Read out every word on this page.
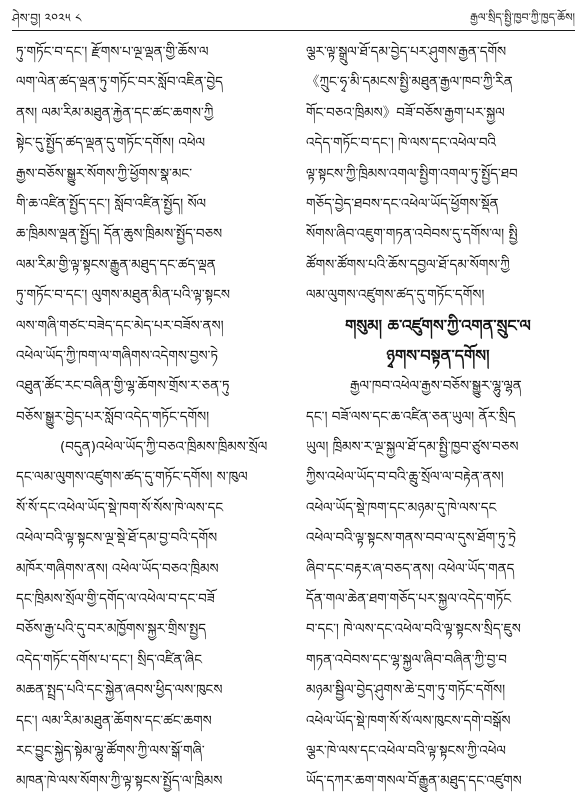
ཤེས་བྱ། ༢༠༢༥ ༨	རྒྱལ་སྲིད་སྤྱི་ཁྱབ་ཀྱི་ཁྱད་ཆོས།
ཏུ་གཏོང་བ་དང་། རྫོགས་པ་ལྔ་ལྡན་གྱི་ཆོས་ལ
ལག་ལེན་ཚད་ལྡན་ཏུ་གཏོང་བར་སློབ་འཇིན་བྱེད
ནས། ལམ་རིམ་མཐུན་རྐྱེན་དང་ཚང་ཆགས་ཀྱི
སྟེང་དུ་སྤྱོད་ཚད་ལྡན་དུ་གཏོང་དགོས། འཕེལ
རྒྱས་བཅོས་སྒྱུར་སོགས་ཀྱི་ཕྱོགས་སྣ་མང་
གི་ཆ་འཛིན་སྤྱོད་དང་། སློབ་འཛིན་སྤྱོད། སོལ
ཆ་ཁྲིམས་ལྡན་སྤྱོད། དོན་ཆུས་ཁྲིམས་སྤྱོད་བཅས
ལམ་རིམ་གྱི་ལྟ་སྟངས་རྒྱུན་མཐུད་དང་ཚད་ལྡན
ཏུ་གཏོང་བ་དང་། ལུགས་མཐུན་མིན་པའི་ལྟ་སྟངས
ལས་གཞི་གཙང་བཟེད་དང་མེད་པར་བཟོས་ནས།
འཕེལ་ཡོད་ཀྱི་ཁག་ལ་གཞིགས་འདེགས་བྱས་ཏེ
འཐུན་ཚོང་རང་བཞིན་གྱི་ལྷ་ཆོགས་གྲོས་ར་ཅན་ཏུ
བཅོས་སྒྱུར་བྱེད་པར་སློབ་འདེད་གཏོང་དགོས།
(བདུན)འཕེལ་ཡོད་ཀྱི་བཅའ་ཁྲིམས་ཁྲིམས་སྲོལ
དང་ལམ་ལུགས་འཛུགས་ཚད་དུ་གཏོང་དགོས། ས་ཁུལ
སོ་སོ་དང་འཕེལ་ཡོད་སྡེ་ཁག་སོ་སོས་ཁེ་ལས་དང
འཕེལ་བའི་ལྟ་སྟངས་ལྔ་སྡེ་ཐོ་དམ་བྱ་བའི་དགོས
མཁོར་གཞིགས་ནས། འཕེལ་ཡོད་བཅའ་ཁྲིམས
དང་ཁྲིམས་སྲོལ་གྱི་དགོད་ལ་འཕེལ་བ་དང་བཟོ
བཅོས་རྒྱ་པའི་དུ་བར་མཁྱོགས་སྐྱར་གྲིས་སྤྱད
འདེད་གཏོང་དགོས་པ་དང་། སྲིད་འཛིན་ཞིང
མཆན་སྤྲད་པའི་དང་སྐྱེན་ཞབས་ཕྱིད་ལས་ཁུངས
དང་། ལམ་རིམ་མཐུན་ཆོགས་དང་ཚང་ཆགས
རང་བྱུང་སྐྱེད་སྟེམ་ལྷུ་ཚོགས་ཀྱི་ལས་སྒོ་གཞི་
མཁན་ཁེ་ལས་སོགས་ཀྱི་ལྟ་སྟངས་སྤྱོད་ལ་ཁྲིམས
ལྕར་ལྟ་སྒྲུལ་ཐོ་དམ་བྱེད་པར་ཤུགས་རྒྱན་དགོས
《ཀྲུང་ཧྭ་མི་དམངས་སྤྱི་མཐུན་རྒྱལ་ཁབ་ཀྱི་རིན
གོང་བཅའ་ཁྲིམས》བཟོ་བཅོས་རྒྱག་པར་སྐྱལ
འདེད་གཏོང་བ་དང་། ཁེ་ལས་དང་འཕེལ་བའི
ལྟ་སྟངས་ཀྱི་ཁྲིམས་འགལ་སྤྱིག་འགལ་ཏུ་སྤྱོད་ཐབ
གཅོད་བྱེད་ཐབས་དང་འཕེལ་ཡོད་ཕྱོགས་སྡོན
སོགས་ཞིབ་འཇུག་གཏན་འབེབས་དུ་དགོས་ལ། སྤྱི
ཚོགས་ཚོགས་པའི་ཆོས་དབྱལ་ཐོ་དམ་སོགས་ཀྱི
ལམ་ལུགས་འཛུགས་ཚད་དུ་གཏོང་དགོས།
གསུམ། ཆ་འཛུགས་ཀྱི་འགན་སྲུང་ལ
ཉྭགས་བསྟན་དགོས།
རྒྱལ་ཁབ་འཕེལ་རྒྱས་བཅོས་སྒྱུར་ལྷུ་ལྷན
དང་། བཟོ་ལས་དང་ཆ་འཛིན་ཅན་ཡུལ། ནོར་སྲིད
ཡུལ། ཁྲིམས་ར་ལྔ་སྐྱལ་ཐོ་དམ་སྤྱི་ཁྱབ་ཙུས་བཅས
ཀྱིས་འཕེལ་ཡོད་བ་བའི་ཆྲུ་སྲོལ་ལ་བརྟེན་ནས།
འཕེལ་ཡོད་སྡེ་ཁག་དང་མཉམ་དུ་ཁེ་ལས་དང
འཕེལ་བའི་ལྟ་སྟངས་གནས་བབ་ལ་དུས་ཐོག་ཏུ་ཏྲེ
ཞིབ་དང་བརྟར་ཞ་བཅད་ནས། འཕེལ་ཡོད་གནད
དོན་གལ་ཆེན་ཐག་གཅོད་པར་སྐྱལ་འདེད་གཏོང
བ་དང་། ཁེ་ལས་དང་འཕེལ་བའི་ལྟ་སྟངས་སྲིད་ཇུས
གཏན་འབེབས་དང་ལྷ་སྐྱལ་ཞིབ་བཞིན་ཀྱི་བྱ་བ
མཉམ་སྦྱིལ་བྱེད་ཤུགས་ཆེ་དྲག་ཏུ་གཏོང་དགོས།
འཕེལ་ཡོད་སྡེ་ཁག་སོ་སོ་ལས་ཁུངས་དགེ་བསྒོས
ལྕར་ཁེ་ལས་དང་འཕེལ་བའི་ལྟ་སྟངས་ཀྱི་འཕེལ
ཡོད་དཀར་ཆག་གསལ་བོ་རྒྱུན་མཐུད་དང་འཛུགས
